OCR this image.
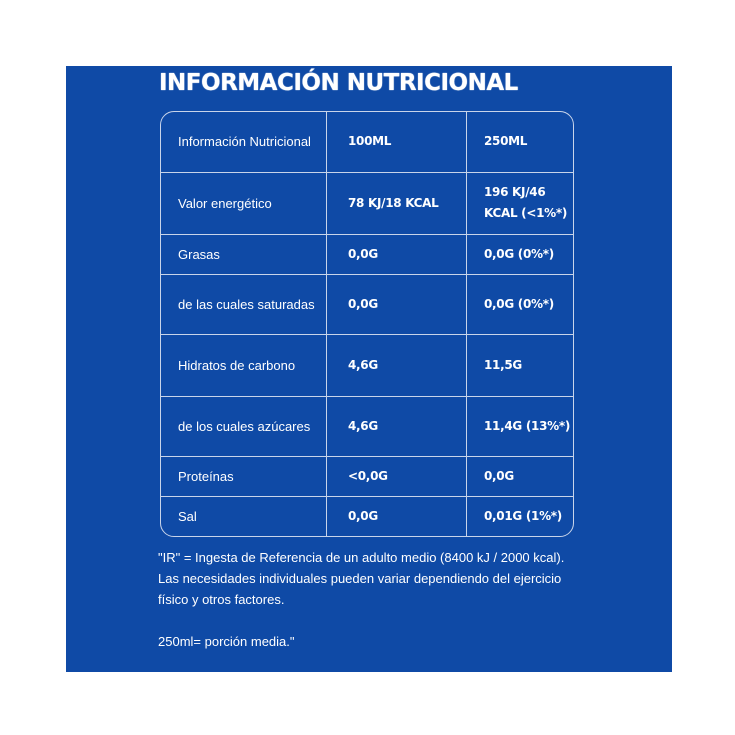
INFORMACIÓN NUTRICIONAL
Información Nutricional	100ML	250ML
Valor energético	78 KJ/18 KCAL	196 KJ/46 KCAL (<1%*)
Grasas	0,0G	0,0G (0%*)
de las cuales saturadas	0,0G	0,0G (0%*)
Hidratos de carbono	4,6G	11,5G
de los cuales azúcares	4,6G	11,4G (13%*)
Proteínas	<0,0G	0,0G
Sal	0,0G	0,01G (1%*)

"IR" = Ingesta de Referencia de un adulto medio (8400 kJ / 2000 kcal).

Las necesidades individuales pueden variar dependiendo del ejercicio físico y otros factores.

250ml= porción media."
